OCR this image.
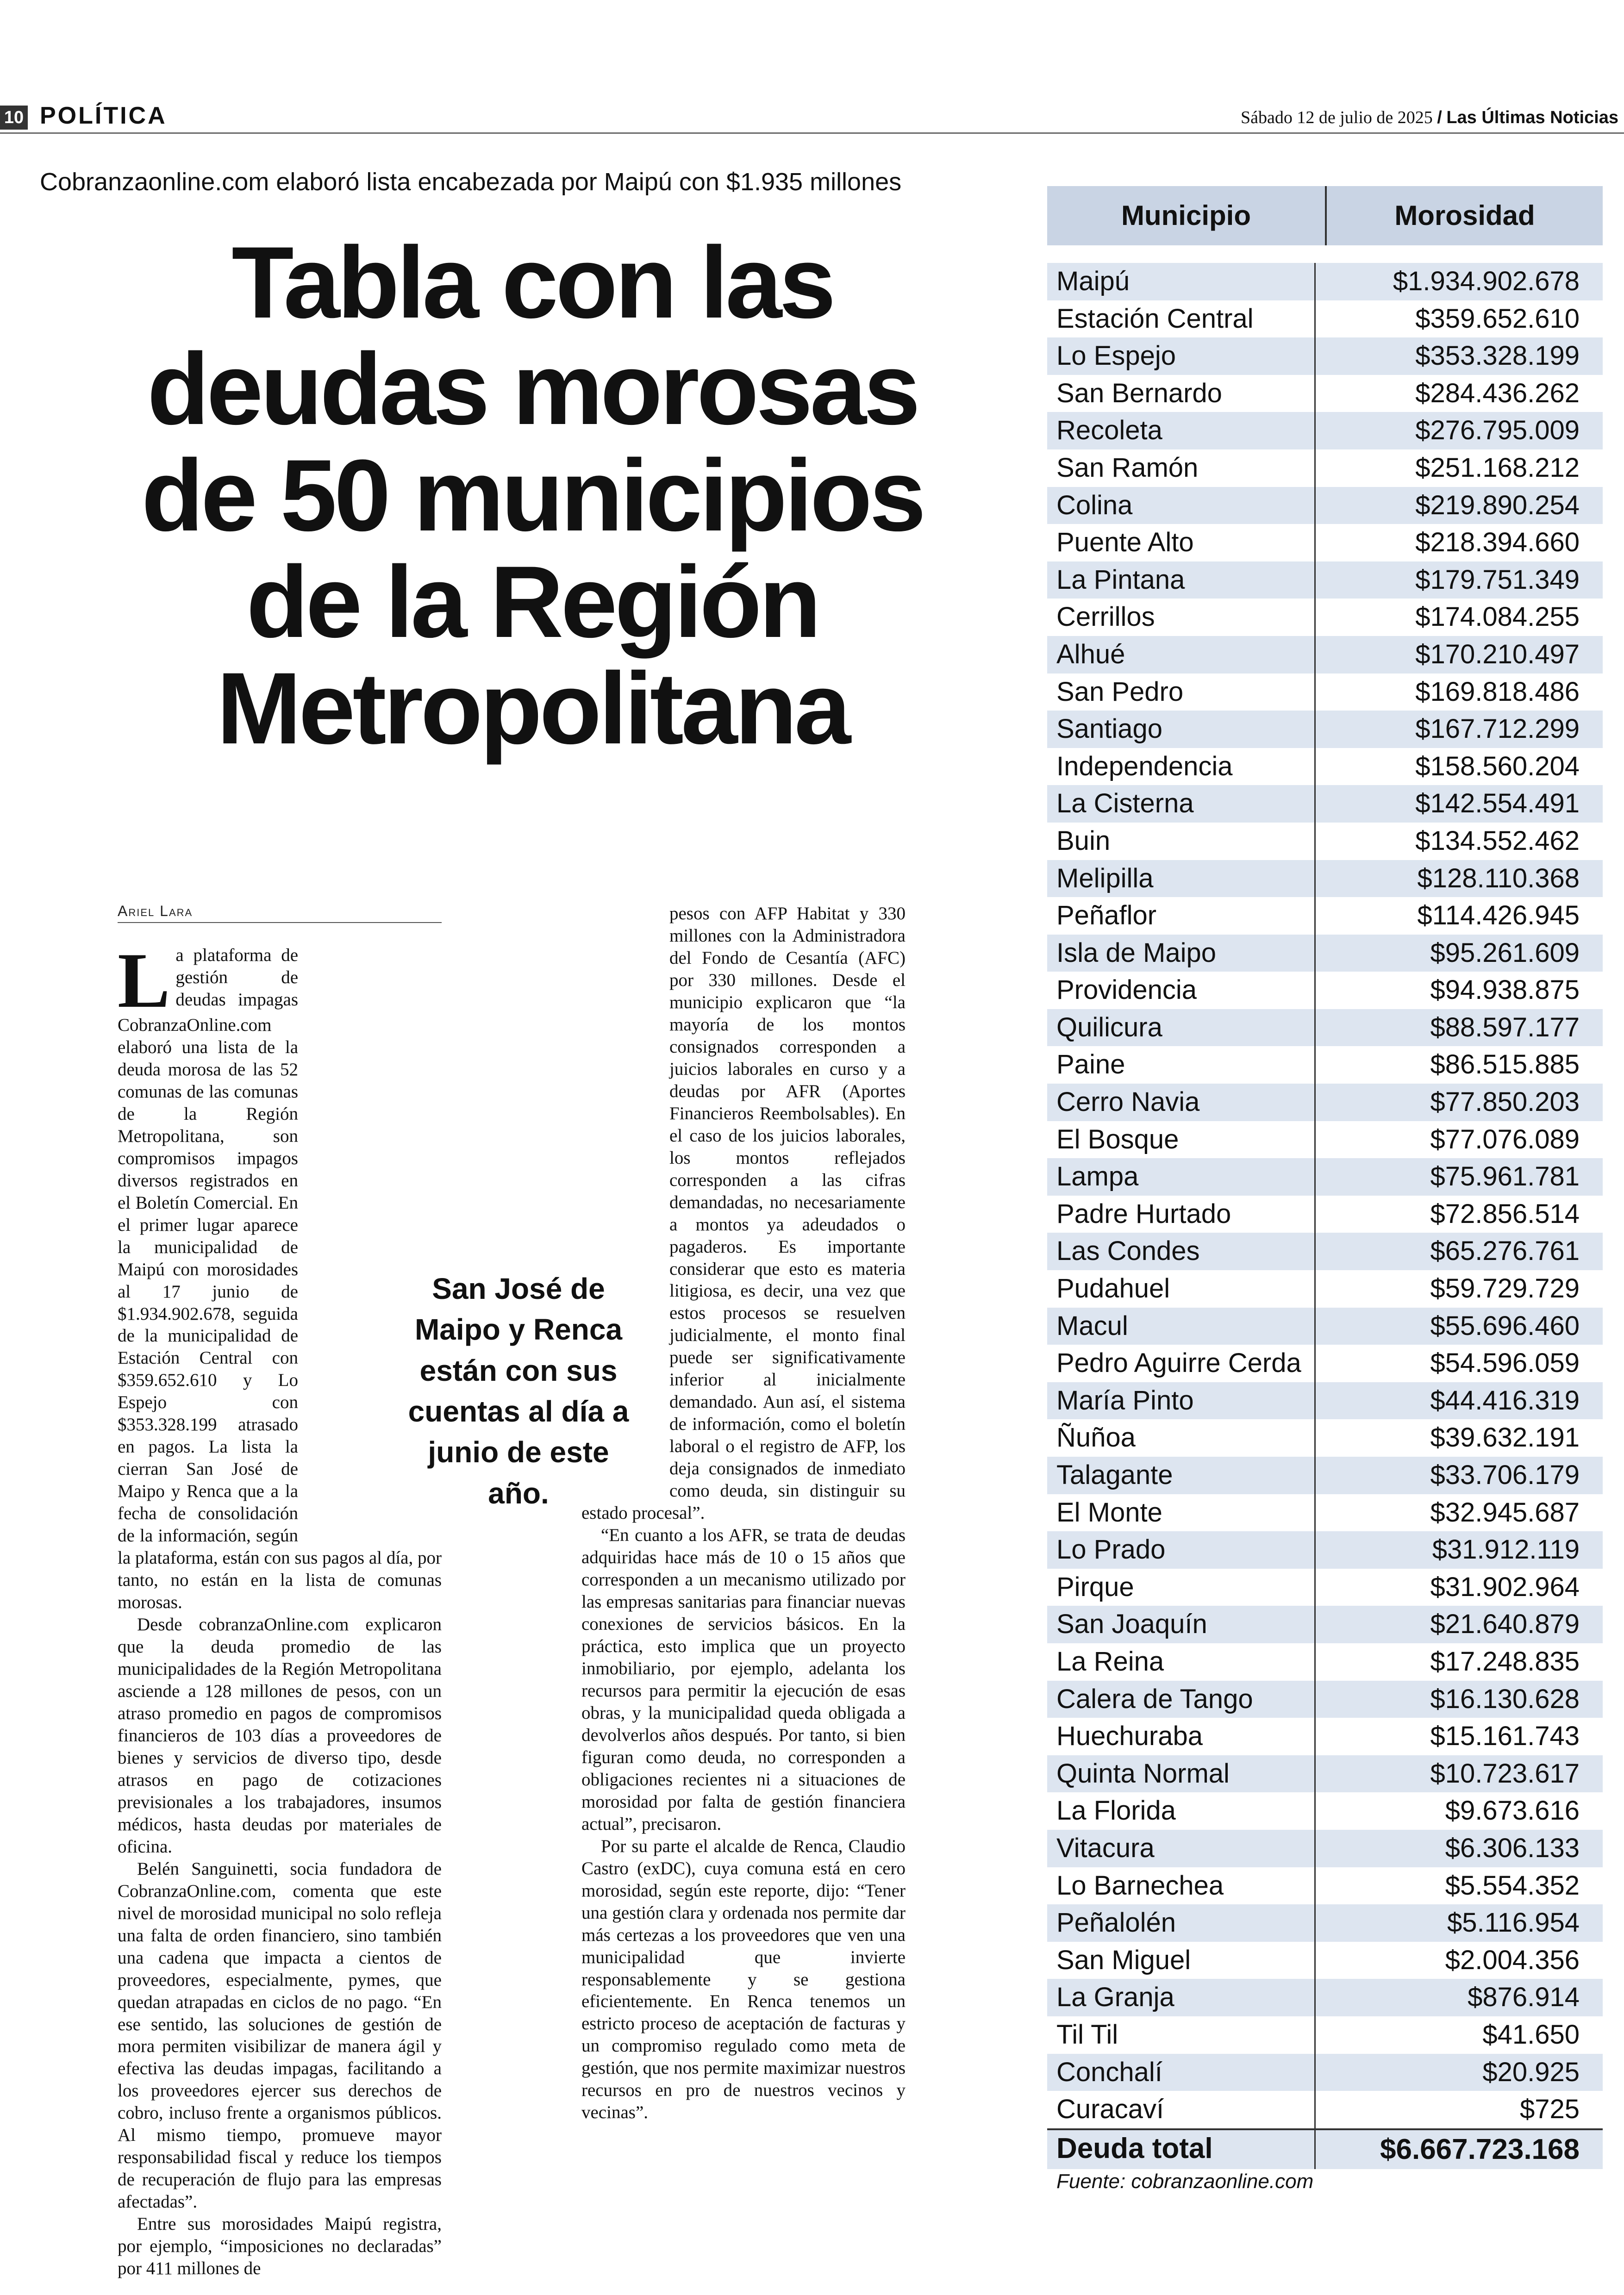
10 POLÍTICA	Sábado 12 de julio de 2025 / Las Últimas Noticias
Cobranzaonline.com elaboró lista encabezada por Maipú con $1.935 millones
Tabla con las
deudas morosas
de 50 municipios
de la Región
Metropolitana
Ariel Lara

La plataforma de gestión de deudas impagas CobranzaOnline.com elaboró una lista de la deuda morosa de las 52 comunas de las comunas de la Región Metropolitana, son compromisos impagos diversos registrados en el Boletín Comercial. En el primer lugar aparece la municipalidad de Maipú con morosidades al 17 junio de $1.934.902.678, seguida de la municipalidad de Estación Central con $359.652.610 y Lo Espejo con $353.328.199 atrasado en pagos. La lista la cierran San José de Maipo y Renca que a la fecha de consolidación de la información, según la plataforma, están con sus pagos al día, por tanto, no están en la lista de comunas morosas.

Desde cobranzaOnline.com explicaron que la deuda promedio de las municipalidades de la Región Metropolitana asciende a 128 millones de pesos, con un atraso promedio en pagos de compromisos financieros de 103 días a proveedores de bienes y servicios de diverso tipo, desde atrasos en pago de cotizaciones previsionales a los trabajadores, insumos médicos, hasta deudas por materiales de oficina.

Belén Sanguinetti, socia fundadora de CobranzaOnline.com, comenta que este nivel de morosidad municipal no solo refleja una falta de orden financiero, sino también una cadena que impacta a cientos de proveedores, especialmente, pymes, que quedan atrapadas en ciclos de no pago. “En ese sentido, las soluciones de gestión de mora permiten visibilizar de manera ágil y efectiva las deudas impagas, facilitando a los proveedores ejercer sus derechos de cobro, incluso frente a organismos públicos. Al mismo tiempo, promueve mayor responsabilidad fiscal y reduce los tiempos de recuperación de flujo para las empresas afectadas”.

Entre sus morosidades Maipú registra, por ejemplo, “imposiciones no declaradas” por 411 millones de

pesos con AFP Habitat y 330 millones con la Administradora del Fondo de Cesantía (AFC) por 330 millones. Desde el municipio explicaron que “la mayoría de los montos consignados corresponden a juicios laborales en curso y a deudas por AFR (Aportes Financieros Reembolsables). En el caso de los juicios laborales, los montos reflejados corresponden a las cifras demandadas, no necesariamente a montos ya adeudados o pagaderos. Es importante considerar que esto es materia litigiosa, es decir, una vez que estos procesos se resuelven judicialmente, el monto final puede ser significativamente inferior al inicialmente demandado. Aun así, el sistema de información, como el boletín laboral o el registro de AFP, los deja consignados de inmediato como deuda, sin distinguir su estado procesal”.

“En cuanto a los AFR, se trata de deudas adquiridas hace más de 10 o 15 años que corresponden a un mecanismo utilizado por las empresas sanitarias para financiar nuevas conexiones de servicios básicos. En la práctica, esto implica que un proyecto inmobiliario, por ejemplo, adelanta los recursos para permitir la ejecución de esas obras, y la municipalidad queda obligada a devolverlos años después. Por tanto, si bien figuran como deuda, no corresponden a obligaciones recientes ni a situaciones de morosidad por falta de gestión financiera actual”, precisaron.

Por su parte el alcalde de Renca, Claudio Castro (exDC), cuya comuna está en cero morosidad, según este reporte, dijo: “Tener una gestión clara y ordenada nos permite dar más certezas a los proveedores que ven una municipalidad que invierte responsablemente y se gestiona eficientemente. En Renca tenemos un estricto proceso de aceptación de facturas y un compromiso regulado como meta de gestión, que nos permite maximizar nuestros recursos en pro de nuestros vecinos y vecinas”.

San José de Maipo y Renca están con sus cuentas al día a junio de este año.
Municipio	Morosidad
Maipú	$1.934.902.678
Estación Central	$359.652.610
Lo Espejo	$353.328.199
San Bernardo	$284.436.262
Recoleta	$276.795.009
San Ramón	$251.168.212
Colina	$219.890.254
Puente Alto	$218.394.660
La Pintana	$179.751.349
Cerrillos	$174.084.255
Alhué	$170.210.497
San Pedro	$169.818.486
Santiago	$167.712.299
Independencia	$158.560.204
La Cisterna	$142.554.491
Buin	$134.552.462
Melipilla	$128.110.368
Peñaflor	$114.426.945
Isla de Maipo	$95.261.609
Providencia	$94.938.875
Quilicura	$88.597.177
Paine	$86.515.885
Cerro Navia	$77.850.203
El Bosque	$77.076.089
Lampa	$75.961.781
Padre Hurtado	$72.856.514
Las Condes	$65.276.761
Pudahuel	$59.729.729
Macul	$55.696.460
Pedro Aguirre Cerda	$54.596.059
María Pinto	$44.416.319
Ñuñoa	$39.632.191
Talagante	$33.706.179
El Monte	$32.945.687
Lo Prado	$31.912.119
Pirque	$31.902.964
San Joaquín	$21.640.879
La Reina	$17.248.835
Calera de Tango	$16.130.628
Huechuraba	$15.161.743
Quinta Normal	$10.723.617
La Florida	$9.673.616
Vitacura	$6.306.133
Lo Barnechea	$5.554.352
Peñalolén	$5.116.954
San Miguel	$2.004.356
La Granja	$876.914
Til Til	$41.650
Conchalí	$20.925
Curacaví	$725
Deuda total	$6.667.723.168
Fuente: cobranzaonline.com
